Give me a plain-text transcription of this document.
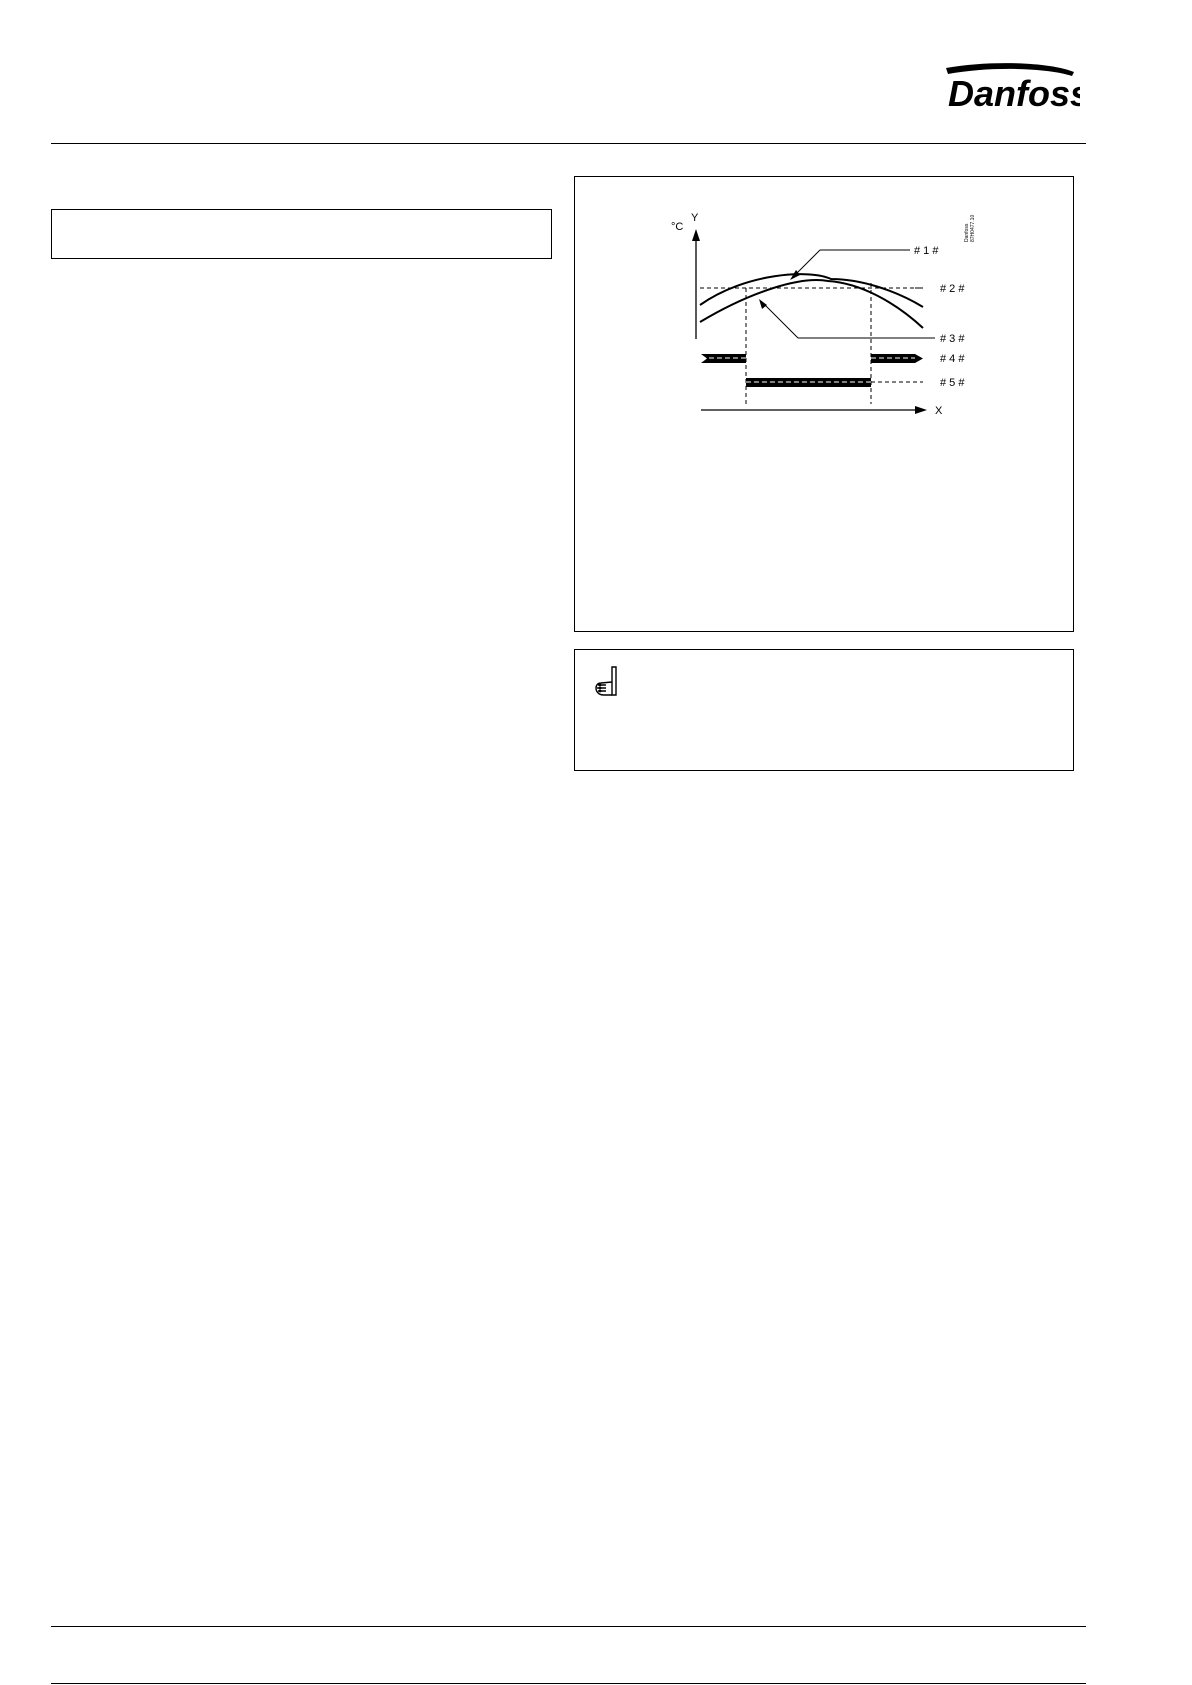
Danfoss
°C
Y
X
# 1 #
# 2 #
# 3 #
# 4 #
# 5 #
Danfoss 87H0477.10
